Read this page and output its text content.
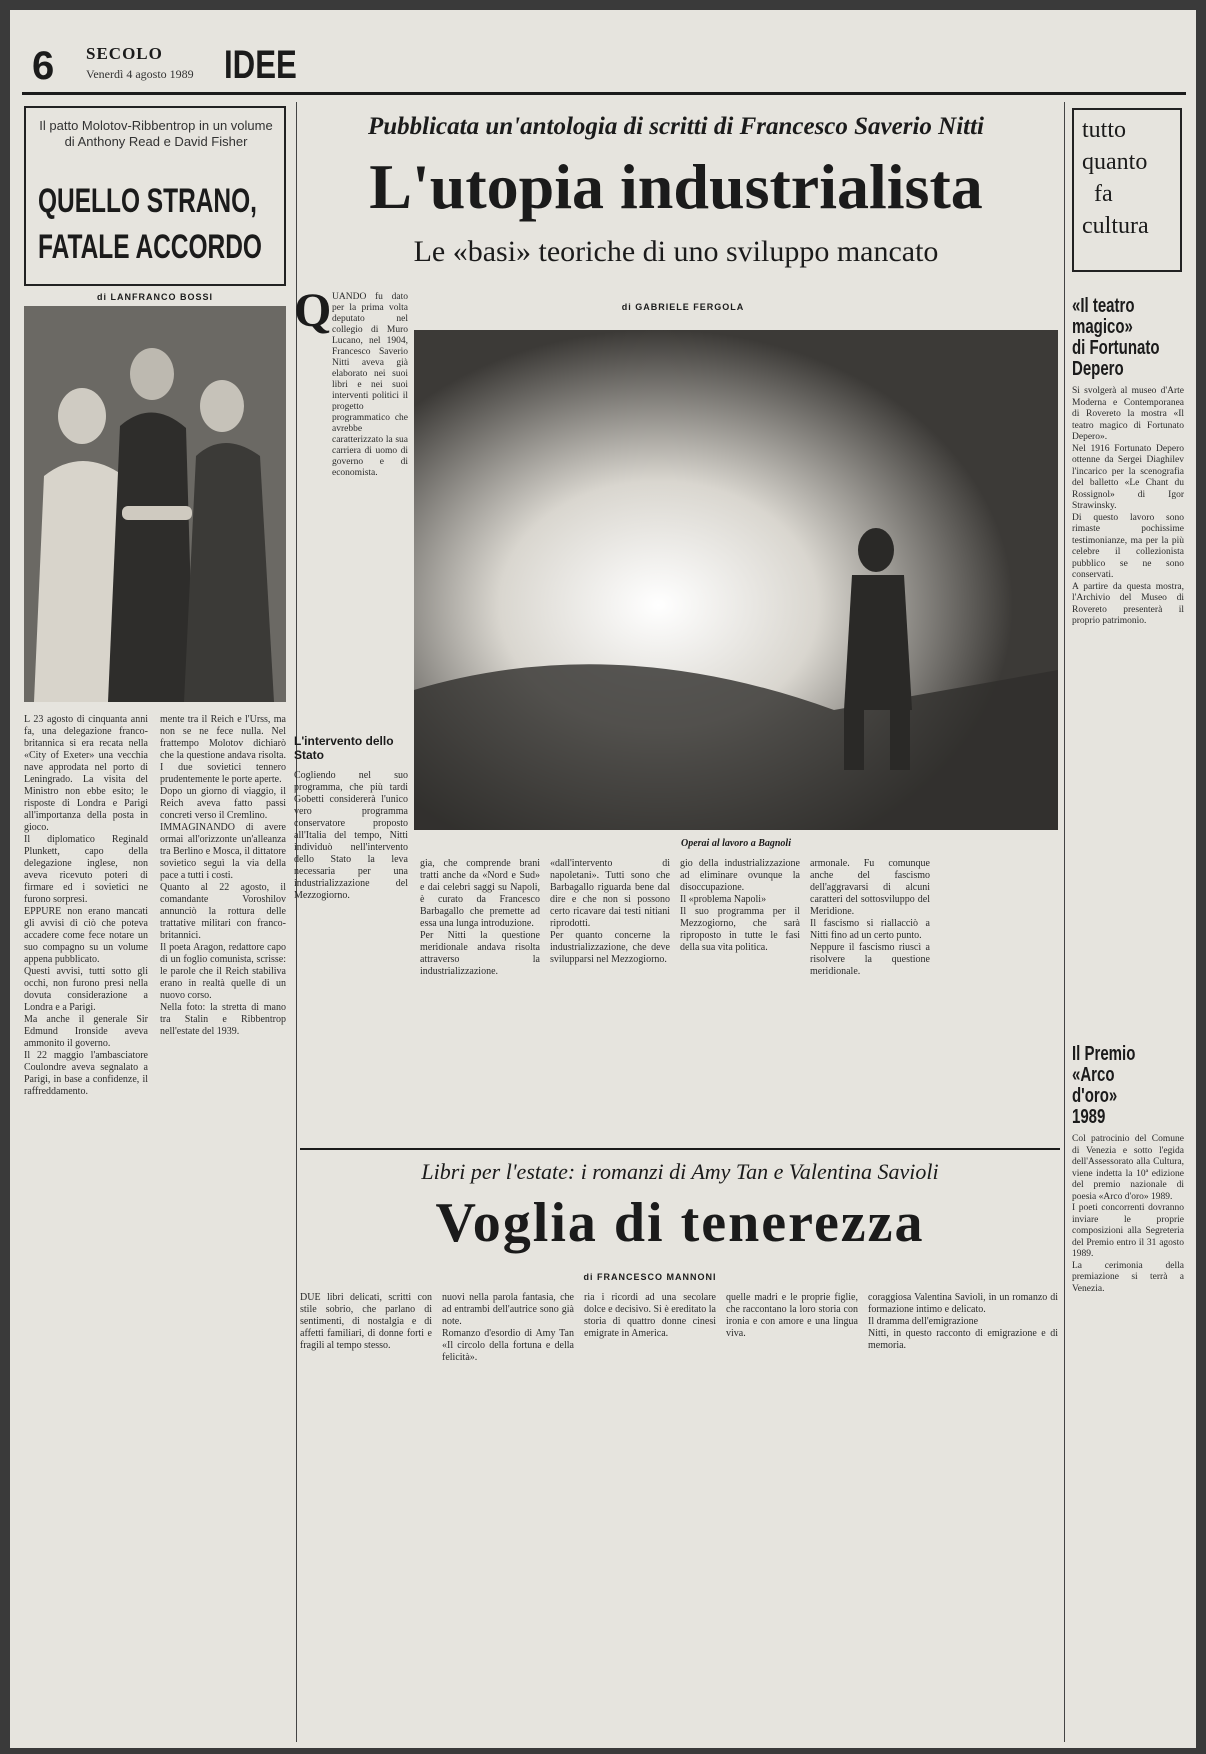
6 SECOLO
Venerdì 4 agosto 1989 IDEE
Il patto Molotov-Ribbentrop in un volume di Anthony Read e David Fisher
QUELLO STRANO,
FATALE ACCORDO
di LANFRANCO BOSSI
L 23 agosto di cinquanta anni fa, una delegazione franco-britannica si era recata nella «City of Exeter» una vecchia nave approdata nel porto di Leningrado. La visita del Ministro non ebbe esito; le risposte di Londra e Parigi all'importanza della posta in gioco.
Il diplomatico Reginald Plunkett, capo della delegazione inglese, non aveva ricevuto poteri di firmare ed i sovietici ne furono sorpresi.
EPPURE non erano mancati gli avvisi di ciò che poteva accadere come fece notare un suo compagno su un volume appena pubblicato.
Questi avvisi, tutti sotto gli occhi, non furono presi nella dovuta considerazione a Londra e a Parigi.
Ma anche il generale Sir Edmund Ironside aveva ammonito il governo.
Il 22 maggio l'ambasciatore Coulondre aveva segnalato a Parigi, in base a confidenze, il raffreddamento.
mente tra il Reich e l'Urss, ma non se ne fece nulla. Nel frattempo Molotov dichiarò che la questione andava risolta. I due sovietici tennero prudentemente le porte aperte.
Dopo un giorno di viaggio, il Reich aveva fatto passi concreti verso il Cremlino.
IMMAGINANDO di avere ormai all'orizzonte un'alleanza tra Berlino e Mosca, il dittatore sovietico seguì la via della pace a tutti i costi.
Quanto al 22 agosto, il comandante Voroshilov annunciò la rottura delle trattative militari con franco-britannici.
Il poeta Aragon, redattore capo di un foglio comunista, scrisse: le parole che il Reich stabiliva erano in realtà quelle di un nuovo corso.
Nella foto: la stretta di mano tra Stalin e Ribbentrop nell'estate del 1939.
Pubblicata un'antologia di scritti di Francesco Saverio Nitti
L'utopia industrialista
Le «basi» teoriche di uno sviluppo mancato
di GABRIELE FERGOLA
Q UANDO fu dato per la prima volta deputato nel collegio di Muro Lucano, nel 1904, Francesco Saverio Nitti aveva già elaborato nei suoi libri e nei suoi interventi politici il progetto programmatico che avrebbe caratterizzato la sua carriera di uomo di governo e di economista.
L'intervento dello Stato
Cogliendo nel suo programma, che più tardi Gobetti considererà l'unico vero programma conservatore proposto all'Italia del tempo, Nitti individuò nell'intervento dello Stato la leva necessaria per una industrializzazione del Mezzogiorno.
Operai al lavoro a Bagnoli
gia, che comprende brani tratti anche da «Nord e Sud» e dai celebri saggi su Napoli, è curato da Francesco Barbagallo che premette ad essa una lunga introduzione.
Per Nitti la questione meridionale andava risolta attraverso la industrializzazione.
«dall'intervento di napoletani». Tutti sono che Barbagallo riguarda bene dal dire e che non si possono certo ricavare dai testi nitiani riprodotti.
Per quanto concerne la industrializzazione, che deve svilupparsi nel Mezzogiorno.
gio della industrializzazione ad eliminare ovunque la disoccupazione.
Il «problema Napoli»
Il suo programma per il Mezzogiorno, che sarà riproposto in tutte le fasi della sua vita politica.
armonale. Fu comunque anche del fascismo dell'aggravarsi di alcuni caratteri del sottosviluppo del Meridione.
Il fascismo si riallacciò a Nitti fino ad un certo punto.
Neppure il fascismo riuscì a risolvere la questione meridionale.
Libri per l'estate: i romanzi di Amy Tan e Valentina Savioli
Voglia di tenerezza
di FRANCESCO MANNONI
DUE libri delicati, scritti con stile sobrio, che parlano di sentimenti, di nostalgia e di affetti familiari, di donne forti e fragili al tempo stesso.
nuovi nella parola fantasia, che ad entrambi dell'autrice sono già note.
Romanzo d'esordio di Amy Tan «Il circolo della fortuna e della felicità».
ria i ricordi ad una secolare dolce e decisivo. Si è ereditato la storia di quattro donne cinesi emigrate in America.
quelle madri e le proprie figlie, che raccontano la loro storia con ironia e con amore e una lingua viva.
coraggiosa Valentina Savioli, in un romanzo di formazione intimo e delicato.
Il dramma dell'emigrazione
Nitti, in questo racconto di emigrazione e di memoria.
tutto
quanto
fa
cultura
«Il teatro
magico»
di Fortunato
Depero
Si svolgerà al museo d'Arte Moderna e Contemporanea di Rovereto la mostra «Il teatro magico di Fortunato Depero».
Nel 1916 Fortunato Depero ottenne da Sergei Diaghilev l'incarico per la scenografia del balletto «Le Chant du Rossignol» di Igor Strawinsky.
Di questo lavoro sono rimaste pochissime testimonianze, ma per la più celebre il collezionista pubblico se ne sono conservati.
A partire da questa mostra, l'Archivio del Museo di Rovereto presenterà il proprio patrimonio.
Il Premio
«Arco
d'oro»
1989
Col patrocinio del Comune di Venezia e sotto l'egida dell'Assessorato alla Cultura, viene indetta la 10ª edizione del premio nazionale di poesia «Arco d'oro» 1989.
I poeti concorrenti dovranno inviare le proprie composizioni alla Segreteria del Premio entro il 31 agosto 1989.
La cerimonia della premiazione si terrà a Venezia.
